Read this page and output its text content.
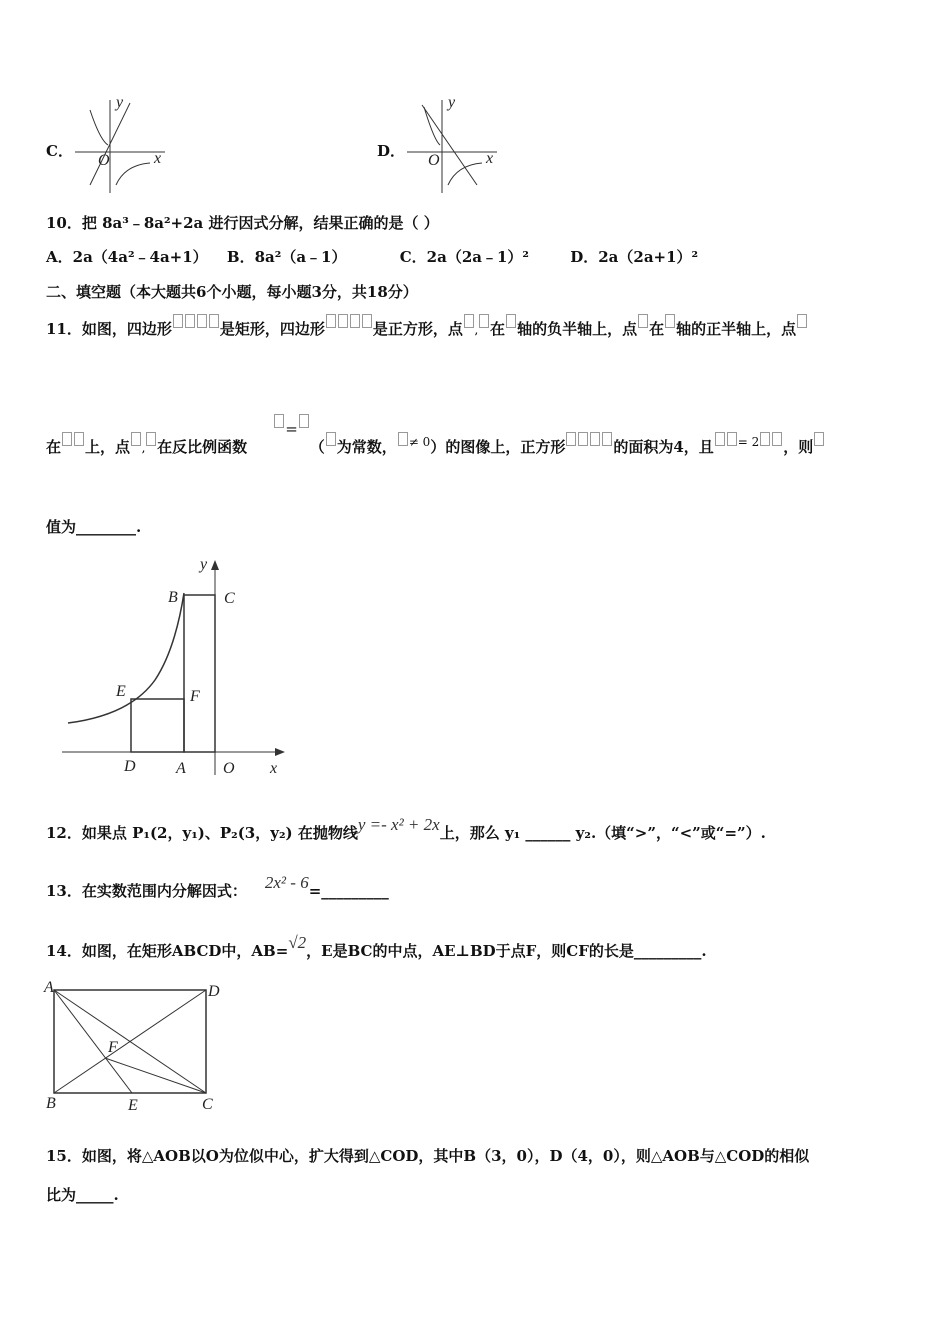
C．
O	x
y
D．
O	x
y
10．把 8a³﹣8a²+2a 进行因式分解，结果正确的是（ ）
A．2a（4a²﹣4a+1） B．8a²（a﹣1）	C．2a（2a﹣1）²	D．2a（2a+1）²
二、填空题（本大题共6个小题，每小题3分，共18分）
11．如图，四边形	是矩形，四边形	是正方形，点 , 在 轴的负半轴上，点 在 轴的正半轴上，点
在 上，点 , 在反比例函数=（ 为常数， $^{\ne 0}$）的图像上，正方形	的面积为4，且 $^{= 2}$ ，则
值为________.
B	C
E	F
D	A O x
y
12．如果点 P₁(2，y₁)、P₂(3，y₂) 在抛物线y =- x² + 2x上，那么 y₁ ______ y₂.（填“>”，“<”或“=”）.
13．在实数范围内分解因式： 2x² - 6=_________
14．如图，在矩形ABCD中，AB=√2，E是BC的中点，AE⊥BD于点F，则CF的长是_________.
A	D
F
B	E	C
15．如图，将△AOB以O为位似中心，扩大得到△COD，其中B（3，0），D（4，0），则△AOB与△COD的相似
比为_____.
